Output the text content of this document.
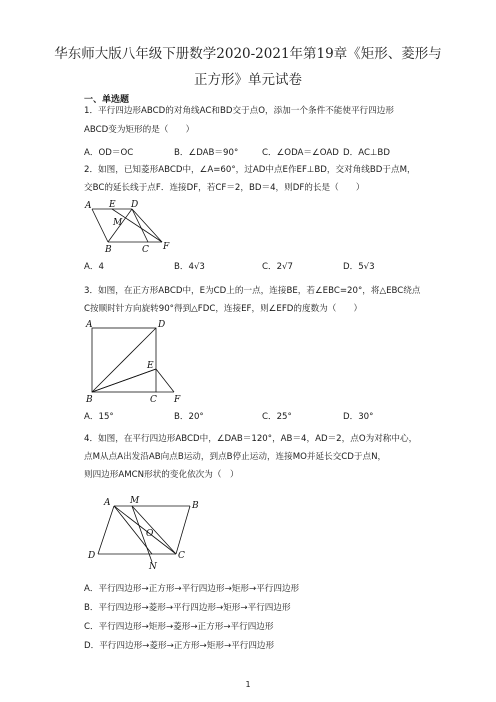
华东师大版八年级下册数学2020-2021年第19章《矩形、菱形与
正方形》单元试卷
一、单选题
1．平行四边形ABCD的对角线AC和BD交于点O，添加一个条件不能使平行四边形
ABCD变为矩形的是（　　）
A．OD＝OC	B．∠DAB＝90°	C．∠ODA＝∠OAD D．AC⊥BD
2．如图，已知菱形ABCD中，∠A=60°，过AD中点E作EF⊥BD，交对角线BD于点M，
交BC的延长线于点F．连接DF，若CF＝2，BD＝4，则DF的长是（　　）
A E D
M
B	C F
A．4	B．4√3	C．2√7	D．5√3
3．如图，在正方形ABCD中，E为CD上的一点，连接BE，若∠EBC=20°，将△EBC绕点
C按顺时针方向旋转90°得到△FDC，连接EF，则∠EFD的度数为（　　）
A	D
E
B	C F
A．15°	B．20°	C．25°	D．30°
4．如图，在平行四边形ABCD中，∠DAB＝120°，AB＝4，AD＝2，点O为对称中心，
点M从点A出发沿AB向点B运动，到点B停止运动，连接MO并延长交CD于点N，
则四边形AMCN形状的变化依次为（　）
A M	B
O
D
N
C
A．平行四边形→正方形→平行四边形→矩形→平行四边形
B．平行四边形→菱形→平行四边形→矩形→平行四边形
C．平行四边形→矩形→菱形→正方形→平行四边形
D．平行四边形→菱形→正方形→矩形→平行四边形
1
